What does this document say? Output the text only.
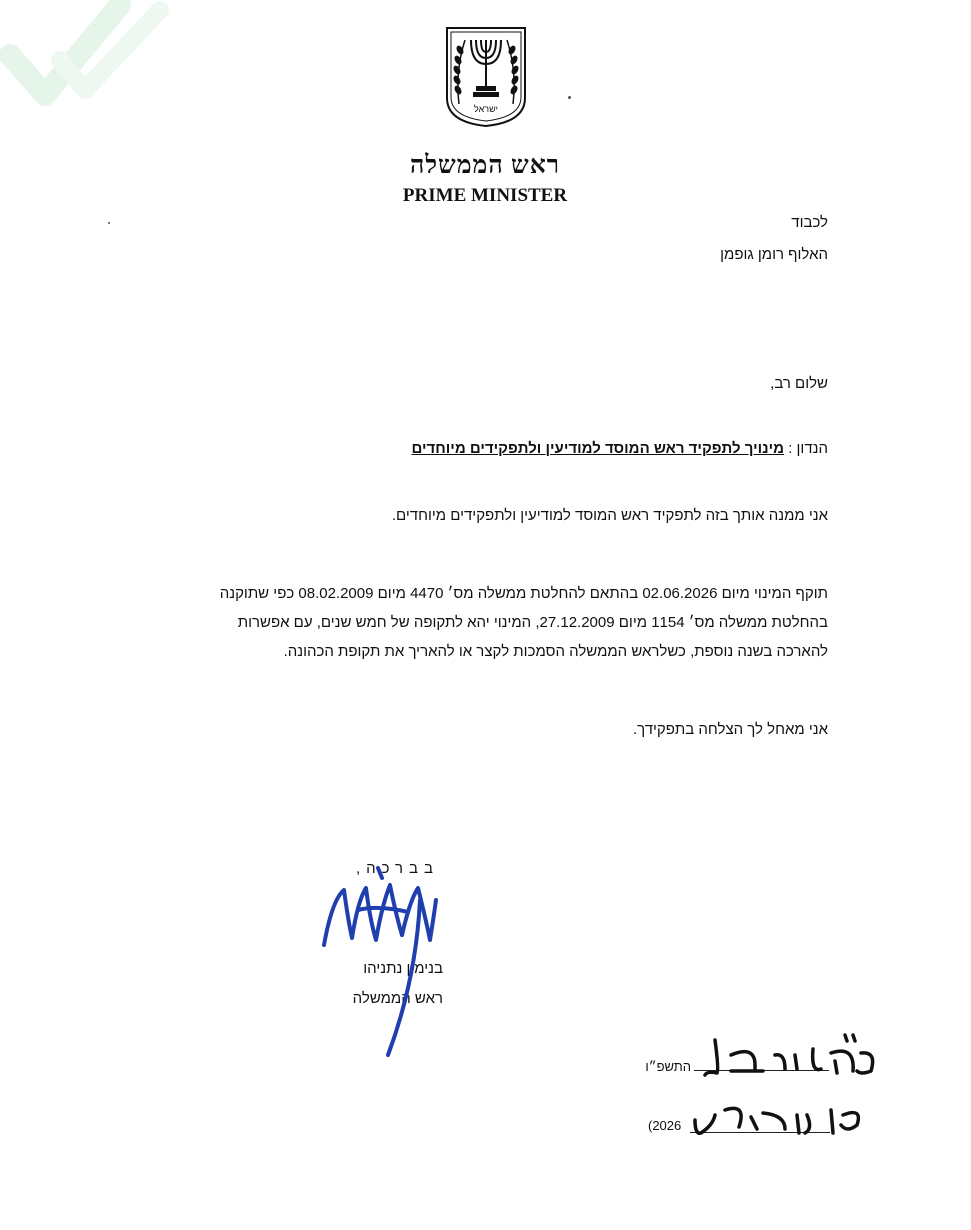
ישראל
ראש הממשלה
PRIME MINISTER
לכבוד
האלוף רומן גופמן
שלום רב,
הנדון : מינויך לתפקיד ראש המוסד למודיעין ולתפקידים מיוחדים
אני ממנה אותך בזה לתפקיד ראש המוסד למודיעין ולתפקידים מיוחדים.
תוקף המינוי מיום 02.06.2026 בהתאם להחלטת ממשלה מס׳ 4470 מיום 08.02.2009 כפי שתוקנה
בהחלטת ממשלה מס׳ 1154 מיום 27.12.2009, המינוי יהא לתקופה של חמש שנים, עם אפשרות
להארכה בשנה נוספת, כשלראש הממשלה הסמכות לקצר או להאריך את תקופת הכהונה.
אני מאחל לך הצלחה בתפקידך.
בברכה,
בנימין נתניהו
ראש הממשלה
התשפ״ו
(2026
